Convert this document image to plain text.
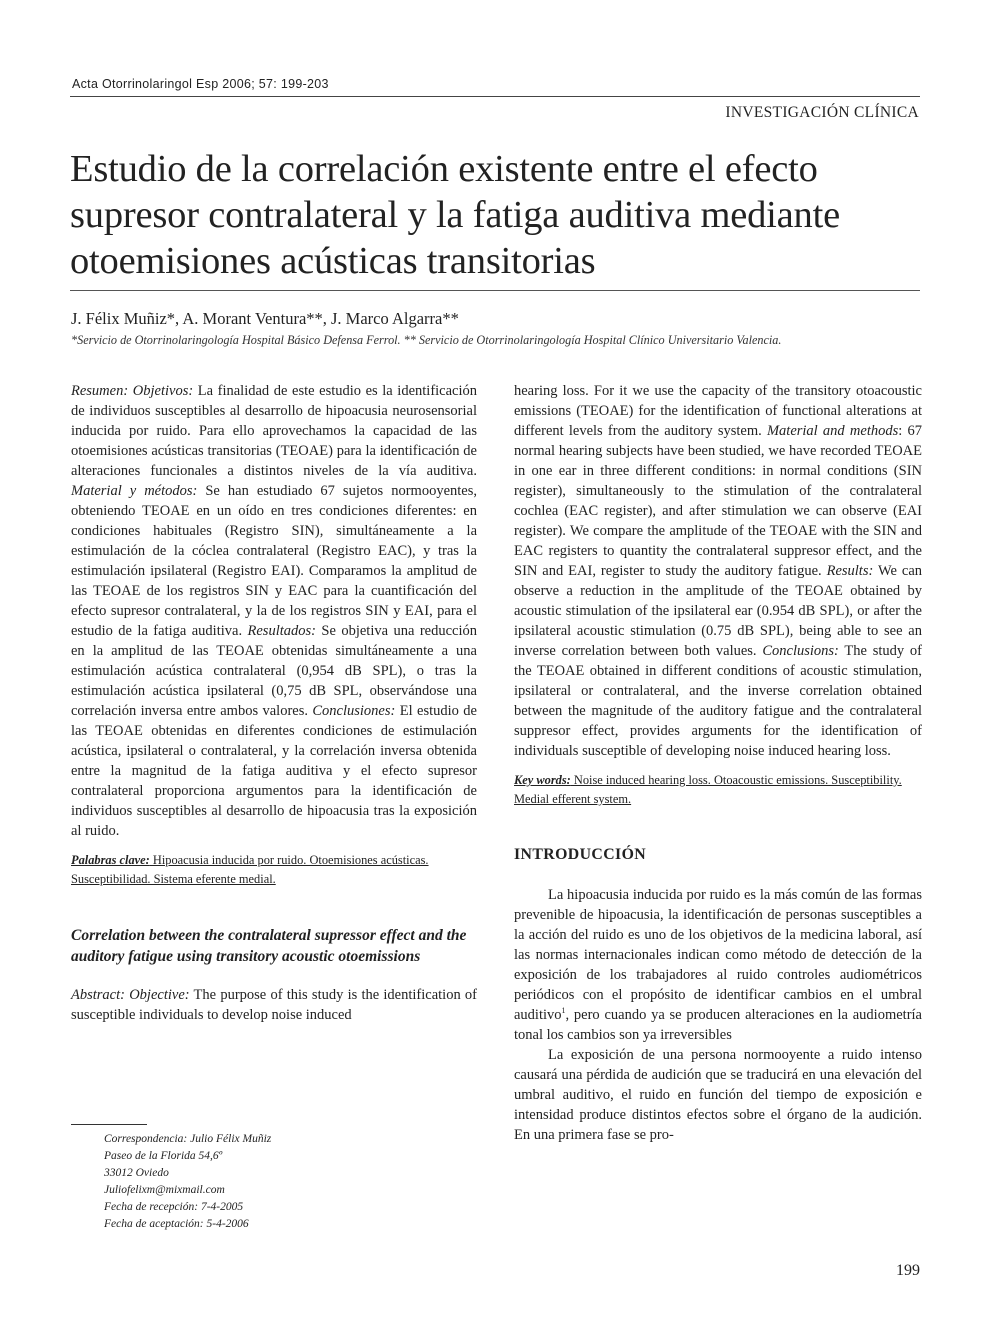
Acta Otorrinolaringol Esp 2006; 57: 199-203
INVESTIGACIÓN CLÍNICA
Estudio de la correlación existente entre el efecto supresor contralateral y la fatiga auditiva mediante otoemisiones acústicas transitorias
J. Félix Muñiz*, A. Morant Ventura**, J. Marco Algarra**
*Servicio de Otorrinolaringología Hospital Básico Defensa Ferrol. ** Servicio de Otorrinolaringología Hospital Clínico Universitario Valencia.

Resumen: Objetivos: La finalidad de este estudio es la identificación de individuos susceptibles al desarrollo de hipoacusia neurosensorial inducida por ruido. Para ello aprovechamos la capacidad de las otoemisiones acústicas transitorias (TEOAE) para la identificación de alteraciones funcionales a distintos niveles de la vía auditiva. Material y métodos: Se han estudiado 67 sujetos normooyentes, obteniendo TEOAE en un oído en tres condiciones diferentes: en condiciones habituales (Registro SIN), simultáneamente a la estimulación de la cóclea contralateral (Registro EAC), y tras la estimulación ipsilateral (Registro EAI). Comparamos la amplitud de las TEOAE de los registros SIN y EAC para la cuantificación del efecto supresor contralateral, y la de los registros SIN y EAI, para el estudio de la fatiga auditiva. Resultados: Se objetiva una reducción en la amplitud de las TEOAE obtenidas simultáneamente a una estimulación acústica contralateral (0,954 dB SPL), o tras la estimulación acústica ipsilateral (0,75 dB SPL, observándose una correlación inversa entre ambos valores. Conclusiones: El estudio de las TEOAE obtenidas en diferentes condiciones de estimulación acústica, ipsilateral o contralateral, y la correlación inversa obtenida entre la magnitud de la fatiga auditiva y el efecto supresor contralateral proporciona argumentos para la identificación de individuos susceptibles al desarrollo de hipoacusia tras la exposición al ruido.

Palabras clave: Hipoacusia inducida por ruido. Otoemisiones acústicas. Susceptibilidad. Sistema eferente medial.

Correlation between the contralateral supressor effect and the auditory fatigue using transitory acoustic otoemissions

Abstract: Objective: The purpose of this study is the identification of susceptible individuals to develop noise induced

hearing loss. For it we use the capacity of the transitory otoacoustic emissions (TEOAE) for the identification of functional alterations at different levels from the auditory system. Material and methods: 67 normal hearing subjects have been studied, we have recorded TEOAE in one ear in three different conditions: in normal conditions (SIN register), simultaneously to the stimulation of the contralateral cochlea (EAC register), and after stimulation we can observe (EAI register). We compare the amplitude of the TEOAE with the SIN and EAC registers to quantity the contralateral suppresor effect, and the SIN and EAI, register to study the auditory fatigue. Results: We can observe a reduction in the amplitude of the TEOAE obtained by acoustic stimulation of the ipsilateral ear (0.954 dB SPL), or after the ipsilateral acoustic stimulation (0.75 dB SPL), being able to see an inverse correlation between both values. Conclusions: The study of the TEOAE obtained in different conditions of acoustic stimulation, ipsilateral or contralateral, and the inverse correlation obtained between the magnitude of the auditory fatigue and the contralateral suppresor effect, provides arguments for the identification of individuals susceptible of developing noise induced hearing loss.

Key words: Noise induced hearing loss. Otoacoustic emissions. Susceptibility. Medial efferent system.

INTRODUCCIÓN

La hipoacusia inducida por ruido es la más común de las formas prevenible de hipoacusia, la identificación de personas susceptibles a la acción del ruido es uno de los objetivos de la medicina laboral, así las normas internacionales indican como método de detección de la exposición de los trabajadores al ruido controles audiométricos periódicos con el propósito de identificar cambios en el umbral auditivo$^1$, pero cuando ya se producen alteraciones en la audiometría tonal los cambios son ya irreversibles

La exposición de una persona normooyente a ruido intenso causará una pérdida de audición que se traducirá en una elevación del umbral auditivo, el ruido en función del tiempo de exposición e intensidad produce distintos efectos sobre el órgano de la audición. En una primera fase se pro-

Correspondencia: Julio Félix Muñiz
Paseo de la Florida 54,6º
33012 Oviedo
Juliofelixm@mixmail.com
Fecha de recepción: 7-4-2005
Fecha de aceptación: 5-4-2006
199
